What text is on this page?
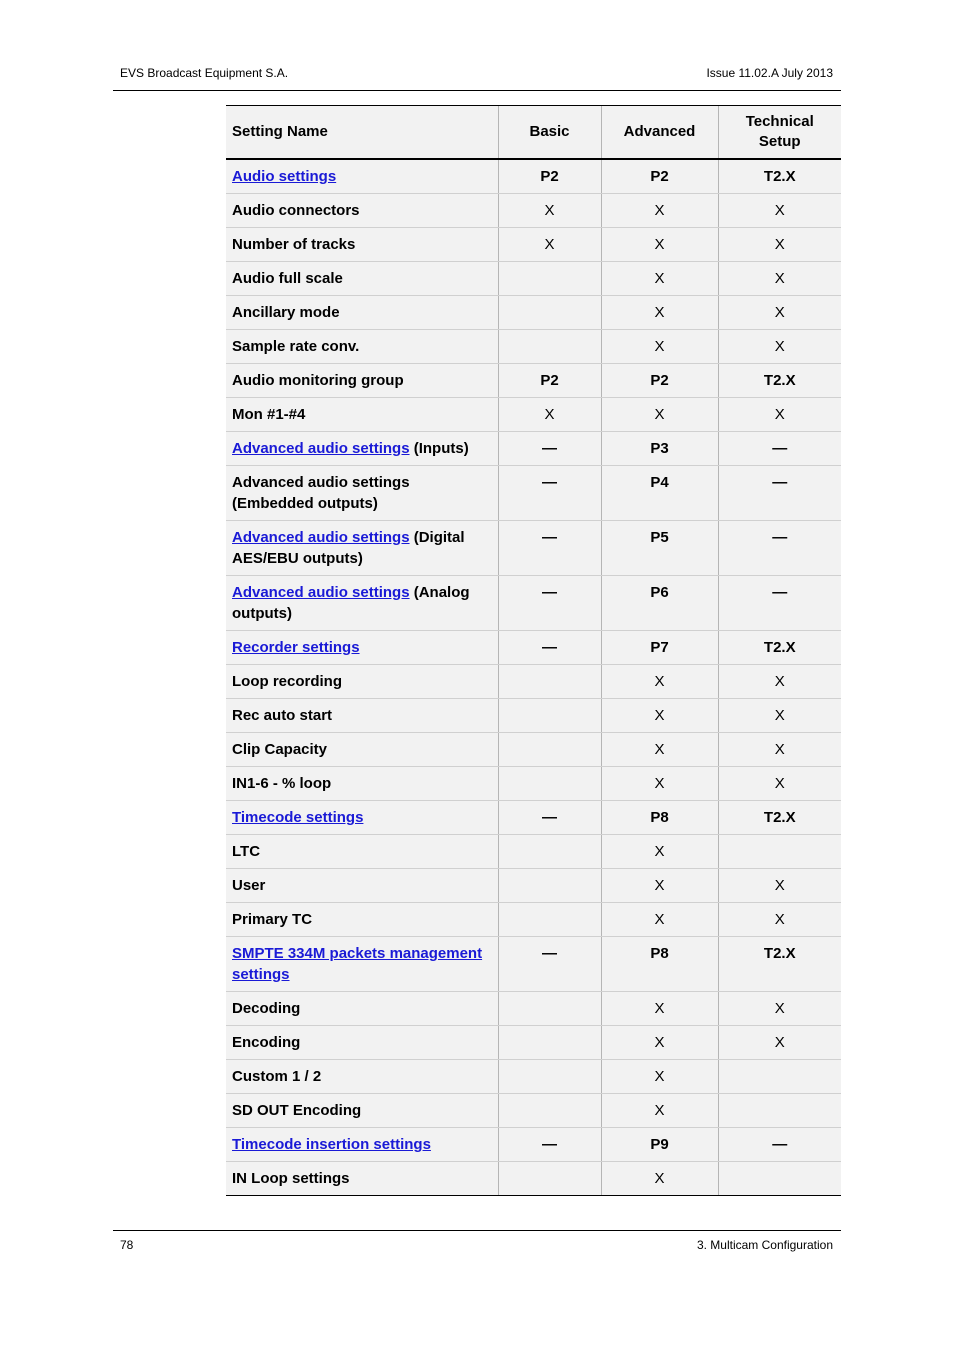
EVS Broadcast Equipment S.A.	Issue 11.02.A July 2013
Setting Name	Basic	Advanced	Technical Setup
Audio settings	P2	P2	T2.X
Audio connectors	X	X	X
Number of tracks	X	X	X
Audio full scale		X	X
Ancillary mode		X	X
Sample rate conv.		X	X
Audio monitoring group	P2	P2	T2.X
Mon #1-#4	X	X	X
Advanced audio settings (Inputs)	—	P3	—
Advanced audio settings (Embedded outputs)	—	P4	—
Advanced audio settings (Digital AES/EBU outputs)	—	P5	—
Advanced audio settings (Analog outputs)	—	P6	—
Recorder settings	—	P7	T2.X
Loop recording		X	X
Rec auto start		X	X
Clip Capacity		X	X
IN1-6 - % loop		X	X
Timecode settings	—	P8	T2.X
LTC		X	
User		X	X
Primary TC		X	X
SMPTE 334M packets management settings	—	P8	T2.X
Decoding		X	X
Encoding		X	X
Custom 1 / 2		X	
SD OUT Encoding		X	
Timecode insertion settings	—	P9	—
IN Loop settings		X	
78	3. Multicam Configuration
